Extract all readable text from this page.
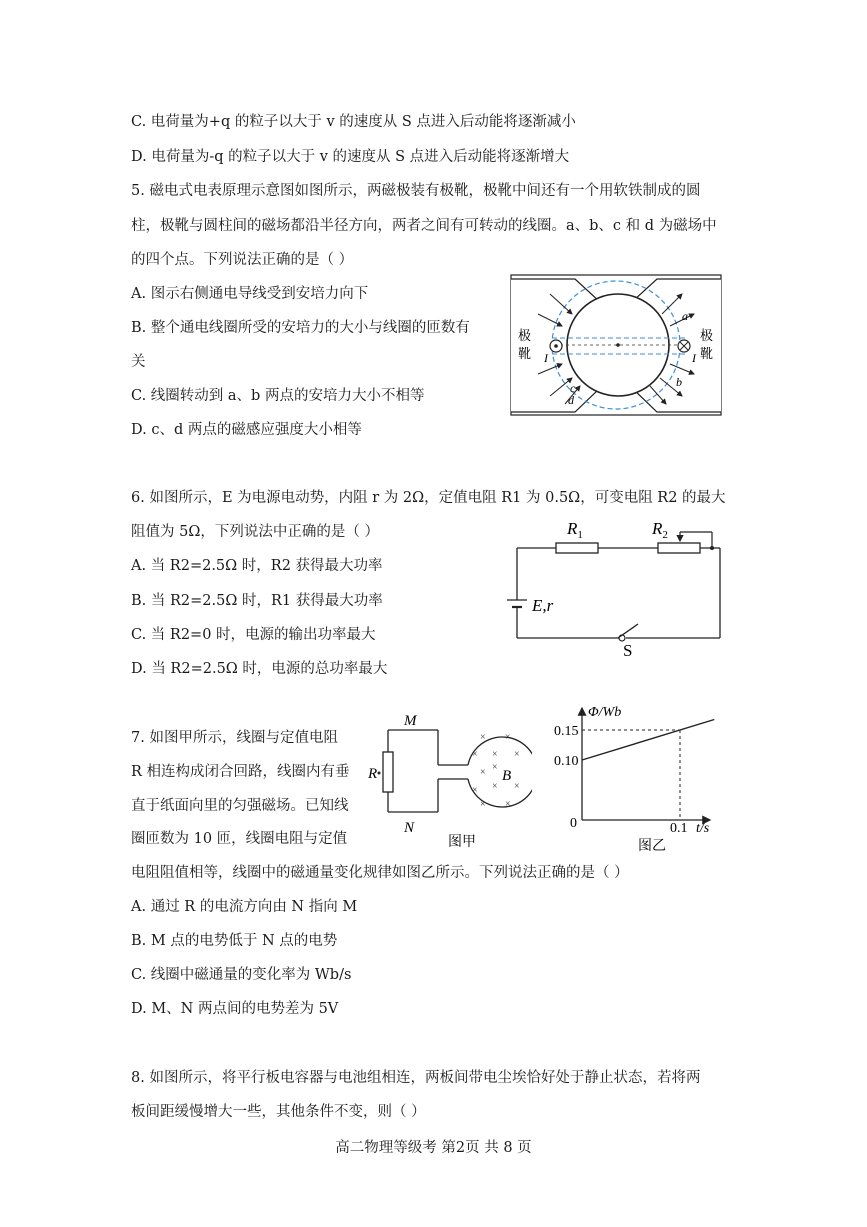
C. 电荷量为+q 的粒子以大于 v 的速度从 S 点进入后动能将逐渐减小
D. 电荷量为-q 的粒子以大于 v 的速度从 S 点进入后动能将逐渐增大
5. 磁电式电表原理示意图如图所示，两磁极装有极靴，极靴中间还有一个用软铁制成的圆
柱，极靴与圆柱间的磁场都沿半径方向，两者之间有可转动的线圈。a、b、c 和 d 为磁场中
的四个点。下列说法正确的是（ ）
A. 图示右侧通电导线受到安培力向下
B. 整个通电线圈所受的安培力的大小与线圈的匝数有
关
C. 线圈转动到 a、b 两点的安培力大小不相等
D. c、d 两点的磁感应强度大小相等
极
靴
极
靴
a
b
c
d
I	I
6. 如图所示，E 为电源电动势，内阻 r 为 2Ω，定值电阻 R1 为 0.5Ω，可变电阻 R2 的最大
阻值为 5Ω，下列说法中正确的是（ ）
A. 当 R2=2.5Ω 时，R2 获得最大功率
B. 当 R2=2.5Ω 时，R1 获得最大功率
C. 当 R2=0 时，电源的输出功率最大
D. 当 R2=2.5Ω 时，电源的总功率最大
$R_1$	$R_2$
E,r
S
7. 如图甲所示，线圈与定值电阻
R 相连构成闭合回路，线圈内有垂
直于纸面向里的匀强磁场。已知线
圈匝数为 10 匝，线圈电阻与定值
电阻阻值相等，线圈中的磁通量变化规律如图乙所示。下列说法正确的是（ ）
A. 通过 R 的电流方向由 N 指向 M
B. M 点的电势低于 N 点的电势
C. 线圈中磁通量的变化率为 Wb/s
D. M、N 两点间的电势差为 5V
× ×
× × ×
× ×
× × ×
× ×
M
N
R	B
图甲
Φ/Wb
t/s
0
0.15
0.10
0.1
图乙
8. 如图所示，将平行板电容器与电池组相连，两板间带电尘埃恰好处于静止状态，若将两
板间距缓慢增大一些，其他条件不变，则（ ）
高二物理等级考 第2页 共 8 页
